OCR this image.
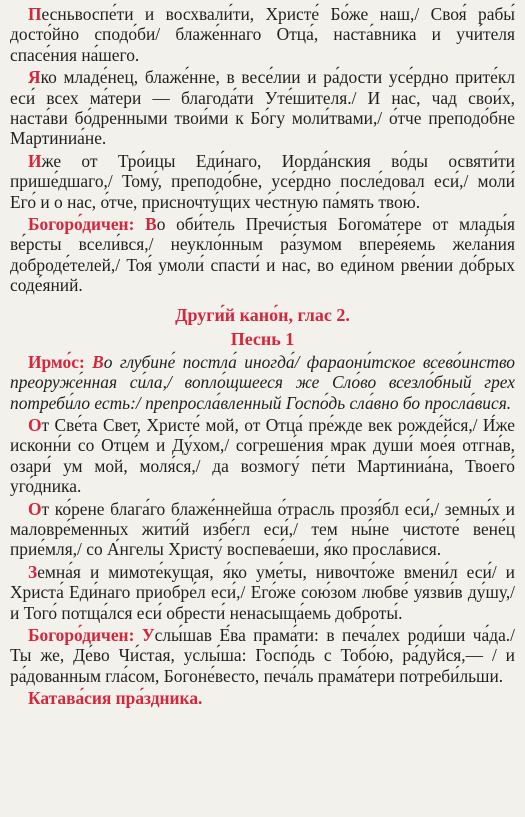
Песньвоспе́ти и восхвали́ти, Христе́ Бо́же наш,/ Своя́ рабы́ досто́йно сподо́би/ блаже́ннаго Отца́, наста́вника и учи́теля спасе́ния на́шего.

Яко младе́нец, блаже́нне, в весе́лии и ра́дости усе́рдно прите́кл еси́ всех ма́тери — благода́ти Уте́шителя./ И нас, чад свои́х, наста́ви бо́дренными твои́ми к Бо́гу моли́твами,/ о́тче преподо́бне Мартиниа́не.

Иже от Тро́ицы Еди́наго, Иорда́нския во́ды освяти́ти прише́дшаго,/ Тому́, преподо́бне, усе́рдно после́довал еси́,/ моли́ Его́ и о нас, о́тче, присночту́щих че́стную па́мять твою́.

Богоро́дичен: Во оби́тель Пречи́стыя Богома́тере от млады́я ве́рсты всели́вся,/ неукло́нным ра́зумом впере́яемь жела́ния доброде́телей,/ Тоя́ умоли́ спасти́ и нас, во еди́ном рве́нии до́брых соде́яний.

Други́й кано́н, глас 2.
Песнь 1

Ирмо́с: Во глубине́ постла́ иногда́/ фараони́тское всево́инство преоруже́нная си́ла,/ вопло́щшееся же Сло́во всезло́бный грех потреби́ло есть:/ препросла́вленный Госпо́дь сла́вно бо просла́вися.

От Све́та Свет, Христе́ мой, от Отца́ пре́жде век рожде́йся,/ И́же исконн́и со Отце́м и Ду́хом,/ согреше́ния мрак души́ мое́я отгна́в, озари́ ум мой, моля́ся,/ да возмогу́ пе́ти Мартиниа́на, Твоего́ уго́дника.

От ко́рене блага́го блаже́ннейша о́трасль прозя́бл еси́,/ земны́х и маловре́менных жити́й избе́гл еси́,/ тем ны́не чистоте́ вене́ц прие́мля,/ со А́нгелы Христу́ воспева́еши, я́ко просла́вися.

Земна́я и мимоте́кущая, я́ко уме́ты, нивочто́же вмени́л еси́/ и Христа́ Еди́наго приобре́л еси́,/ Его́же сою́зом любве́ уязви́в ду́шу,/ и Того́ потща́лся еси́ обрести́ ненасыща́емь доброты́.

Богоро́дичен: Услы́шав Е́ва прама́ти: в печа́лех роди́ши ча́да./ Ты же, Де́во Чи́стая, услы́ша: Госпо́дь с Тобо́ю, ра́дуйся,— / и ра́дованным гла́сом, Богоне́весто, печа́ль прама́тери потреби́льши.

Катава́сия пра́здника.
